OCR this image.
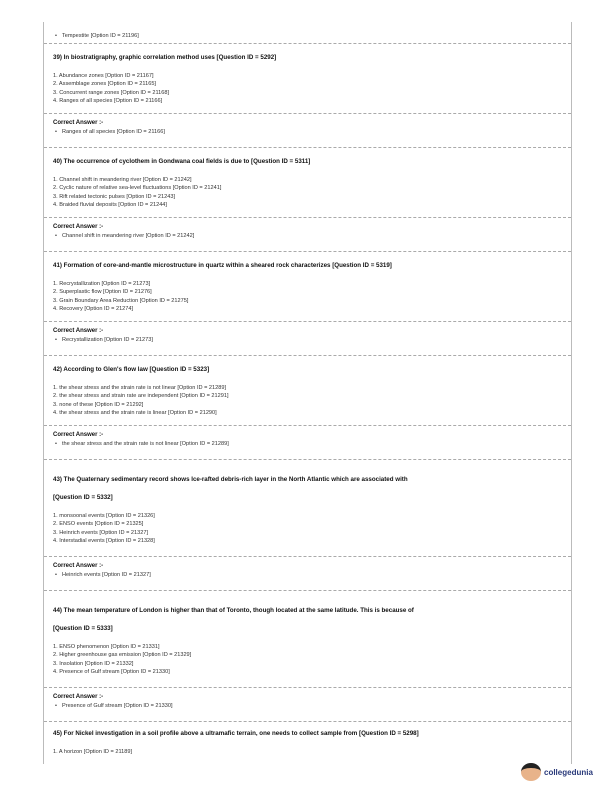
• Tempestite [Option ID = 21196]
39) In biostratigraphy, graphic correlation method uses [Question ID = 5292]
1. Abundance zones [Option ID = 21167]
2. Assemblage zones [Option ID = 21165]
3. Concurrent range zones [Option ID = 21168]
4. Ranges of all species [Option ID = 21166]
Correct Answer :-
• Ranges of all species [Option ID = 21166]
40) The occurrence of cyclothem in Gondwana coal fields is due to [Question ID = 5311]
1. Channel shift in meandering river [Option ID = 21242]
2. Cyclic nature of relative sea-level fluctuations [Option ID = 21241]
3. Rift related tectonic pulses [Option ID = 21243]
4. Braided fluvial deposits [Option ID = 21244]
Correct Answer :-
• Channel shift in meandering river [Option ID = 21242]
41) Formation of core-and-mantle microstructure in quartz within a sheared rock characterizes [Question ID = 5319]
1. Recrystallization [Option ID = 21273]
2. Superplastic flow [Option ID = 21276]
3. Grain Boundary Area Reduction [Option ID = 21275]
4. Recovery [Option ID = 21274]
Correct Answer :-
• Recrystallization [Option ID = 21273]
42) According to Glen's flow law [Question ID = 5323]
1. the shear stress and the strain rate is not linear [Option ID = 21289]
2. the shear stress and strain rate are independent [Option ID = 21291]
3. none of these [Option ID = 21292]
4. the shear stress and the strain rate is linear [Option ID = 21290]
Correct Answer :-
• the shear stress and the strain rate is not linear [Option ID = 21289]
43) The Quaternary sedimentary record shows Ice-rafted debris-rich layer in the North Atlantic which are associated with
[Question ID = 5332]
1. monsoonal events [Option ID = 21326]
2. ENSO events [Option ID = 21325]
3. Heinrich events [Option ID = 21327]
4. Interstadial events [Option ID = 21328]
Correct Answer :-
• Heinrich events [Option ID = 21327]
44) The mean temperature of London is higher than that of Toronto, though located at the same latitude. This is because of
[Question ID = 5333]
1. ENSO phenomenon [Option ID = 21331]
2. Higher greenhouse gas emission [Option ID = 21329]
3. Insolation [Option ID = 21332]
4. Presence of Gulf stream [Option ID = 21330]
Correct Answer :-
• Presence of Gulf stream [Option ID = 21330]
45) For Nickel investigation in a soil profile above a ultramafic terrain, one needs to collect sample from [Question ID = 5298]
1. A horizon [Option ID = 21189]
collegedunia
